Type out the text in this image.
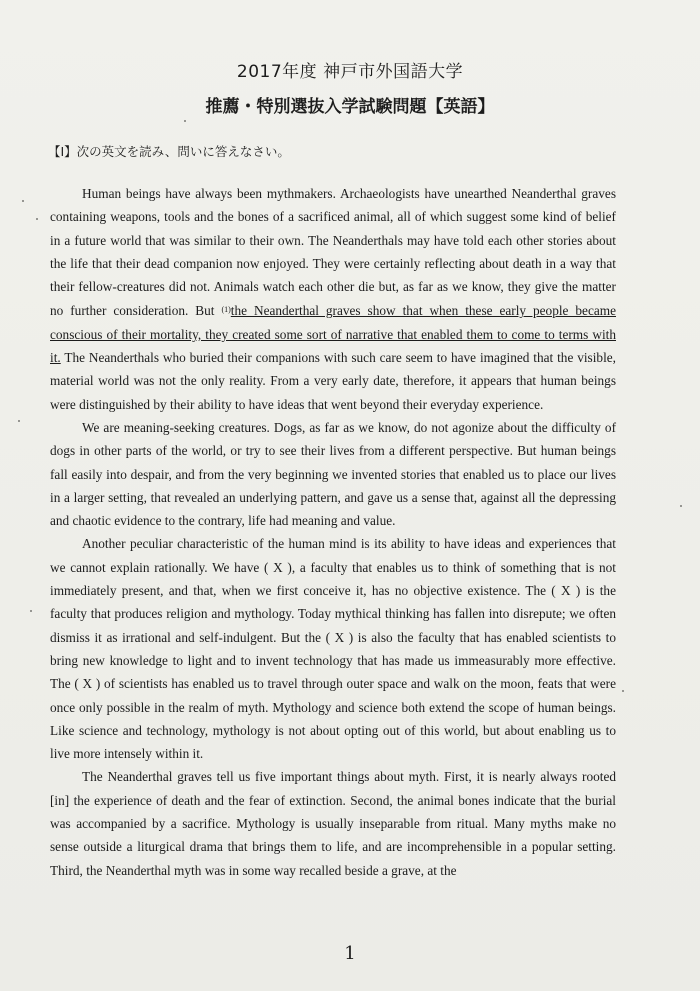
2017年度 神戸市外国語大学
推薦・特別選抜入学試験問題【英語】
【Ⅰ】次の英文を読み、問いに答えなさい。

Human beings have always been mythmakers. Archaeologists have unearthed Neanderthal graves containing weapons, tools and the bones of a sacrificed animal, all of which suggest some kind of belief in a future world that was similar to their own. The Neanderthals may have told each other stories about the life that their dead companion now enjoyed. They were certainly reflecting about death in a way that their fellow-creatures did not. Animals watch each other die but, as far as we know, they give the matter no further consideration. But $^{(1)}$the Neanderthal graves show that when these early people became conscious of their mortality, they created some sort of narrative that enabled them to come to terms with it. The Neanderthals who buried their companions with such care seem to have imagined that the visible, material world was not the only reality. From a very early date, therefore, it appears that human beings were distinguished by their ability to have ideas that went beyond their everyday experience.

We are meaning-seeking creatures. Dogs, as far as we know, do not agonize about the difficulty of dogs in other parts of the world, or try to see their lives from a different perspective. But human beings fall easily into despair, and from the very beginning we invented stories that enabled us to place our lives in a larger setting, that revealed an underlying pattern, and gave us a sense that, against all the depressing and chaotic evidence to the contrary, life had meaning and value.

Another peculiar characteristic of the human mind is its ability to have ideas and experiences that we cannot explain rationally. We have ( X ), a faculty that enables us to think of something that is not immediately present, and that, when we first conceive it, has no objective existence. The ( X ) is the faculty that produces religion and mythology. Today mythical thinking has fallen into disrepute; we often dismiss it as irrational and self-indulgent. But the ( X ) is also the faculty that has enabled scientists to bring new knowledge to light and to invent technology that has made us immeasurably more effective. The ( X ) of scientists has enabled us to travel through outer space and walk on the moon, feats that were once only possible in the realm of myth. Mythology and science both extend the scope of human beings. Like science and technology, mythology is not about opting out of this world, but about enabling us to live more intensely within it.

The Neanderthal graves tell us five important things about myth. First, it is nearly always rooted [in] the experience of death and the fear of extinction. Second, the animal bones indicate that the burial was accompanied by a sacrifice. Mythology is usually inseparable from ritual. Many myths make no sense outside a liturgical drama that brings them to life, and are incomprehensible in a popular setting. Third, the Neanderthal myth was in some way recalled beside a grave, at the

1
